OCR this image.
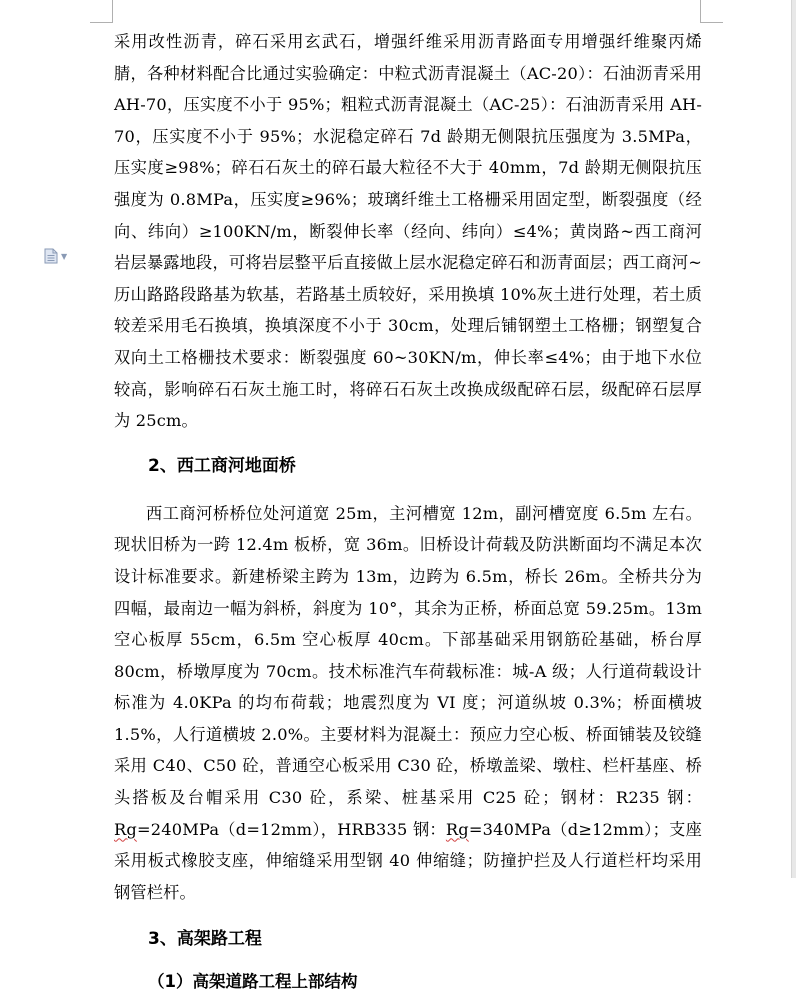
▼

采用改性沥青，碎石采用玄武石，增强纤维采用沥青路面专用增强纤维聚丙烯腈，各种材料配合比通过实验确定：中粒式沥青混凝土（AC-20）：石油沥青采用 AH-70，压实度不小于 95%；粗粒式沥青混凝土（AC-25）：石油沥青采用 AH-70，压实度不小于 95%；水泥稳定碎石 7d 龄期无侧限抗压强度为 3.5MPa，压实度≥98%；碎石石灰土的碎石最大粒径不大于 40mm，7d 龄期无侧限抗压强度为 0.8MPa，压实度≥96%；玻璃纤维土工格栅采用固定型，断裂强度（经向、纬向）≥100KN/m，断裂伸长率（经向、纬向）≤4%；黄岗路~西工商河岩层暴露地段，可将岩层整平后直接做上层水泥稳定碎石和沥青面层；西工商河~历山路路段路基为软基，若路基土质较好，采用换填 10%灰土进行处理，若土质较差采用毛石换填，换填深度不小于 30cm，处理后铺钢塑土工格栅；钢塑复合双向土工格栅技术要求：断裂强度 60~30KN/m，伸长率≤4%；由于地下水位较高，影响碎石石灰土施工时，将碎石石灰土改换成级配碎石层，级配碎石层厚为 25cm。

2、西工商河地面桥

西工商河桥桥位处河道宽 25m，主河槽宽 12m，副河槽宽度 6.5m 左右。现状旧桥为一跨 12.4m 板桥，宽 36m。旧桥设计荷载及防洪断面均不满足本次设计标准要求。新建桥梁主跨为 13m，边跨为 6.5m，桥长 26m。全桥共分为四幅，最南边一幅为斜桥，斜度为 10°，其余为正桥，桥面总宽 59.25m。13m 空心板厚 55cm，6.5m 空心板厚 40cm。下部基础采用钢筋砼基础，桥台厚 80cm，桥墩厚度为 70cm。技术标准汽车荷载标准：城-A 级；人行道荷载设计标准为 4.0KPa 的均布荷载；地震烈度为 VI 度；河道纵坡 0.3%；桥面横坡 1.5%，人行道横坡 2.0%。主要材料为混凝土：预应力空心板、桥面铺装及铰缝采用 C40、C50 砼，普通空心板采用 C30 砼，桥墩盖梁、墩柱、栏杆基座、桥头搭板及台帽采用 C30 砼，系梁、桩基采用 C25 砼；钢材：R235 钢：Rg=240MPa（d=12mm），HRB335 钢：Rg=340MPa（d≥12mm）；支座采用板式橡胶支座，伸缩缝采用型钢 40 伸缩缝；防撞护拦及人行道栏杆均采用钢管栏杆。

3、高架路工程

（1）高架道路工程上部结构
